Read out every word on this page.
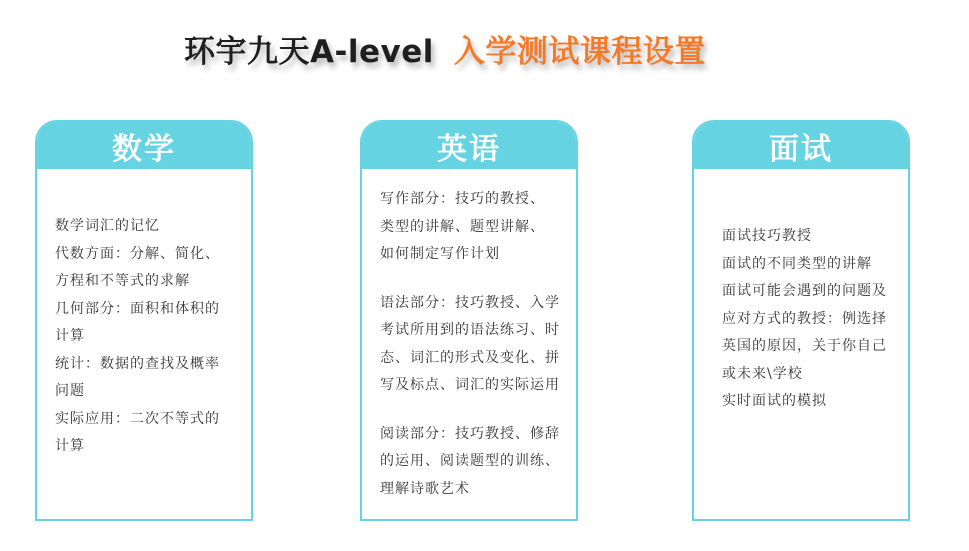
环宇九天A-level 入学测试课程设置
数学

数学词汇的记忆
代数方面：分解、简化、
方程和不等式的求解
几何部分：面积和体积的
计算
统计：数据的查找及概率
问题
实际应用：二次不等式的
计算

英语

写作部分：技巧的教授、
类型的讲解、题型讲解、
如何制定写作计划

语法部分：技巧教授、入学
考试所用到的语法练习、时
态、词汇的形式及变化、拼
写及标点、词汇的实际运用

阅读部分：技巧教授、修辞
的运用、阅读题型的训练、
理解诗歌艺术

面试

面试技巧教授
面试的不同类型的讲解
面试可能会遇到的问题及
应对方式的教授：例选择
英国的原因，关于你自己
或未来\学校
实时面试的模拟
